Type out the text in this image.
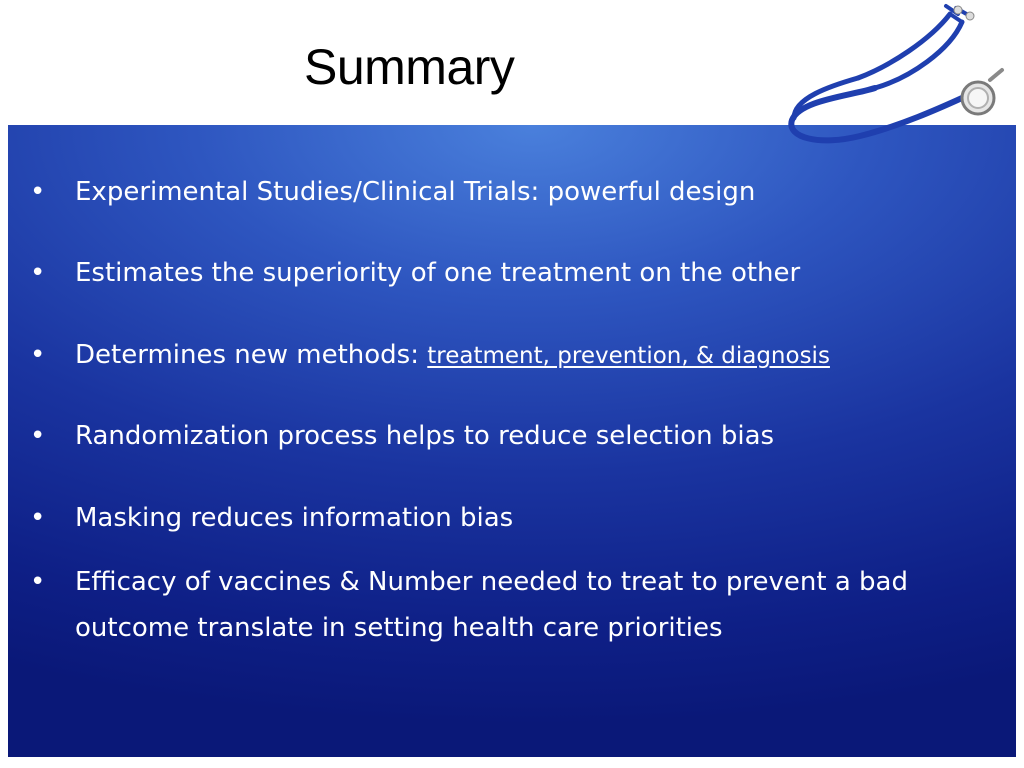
Summary
• Experimental Studies/Clinical Trials: powerful design
• Estimates the superiority of one treatment on the other
• Determines new methods: treatment, prevention, & diagnosis
• Randomization process helps to reduce selection bias
• Masking reduces information bias
• Efficacy of vaccines & Number needed to treat to prevent a bad outcome translate in setting health care priorities
